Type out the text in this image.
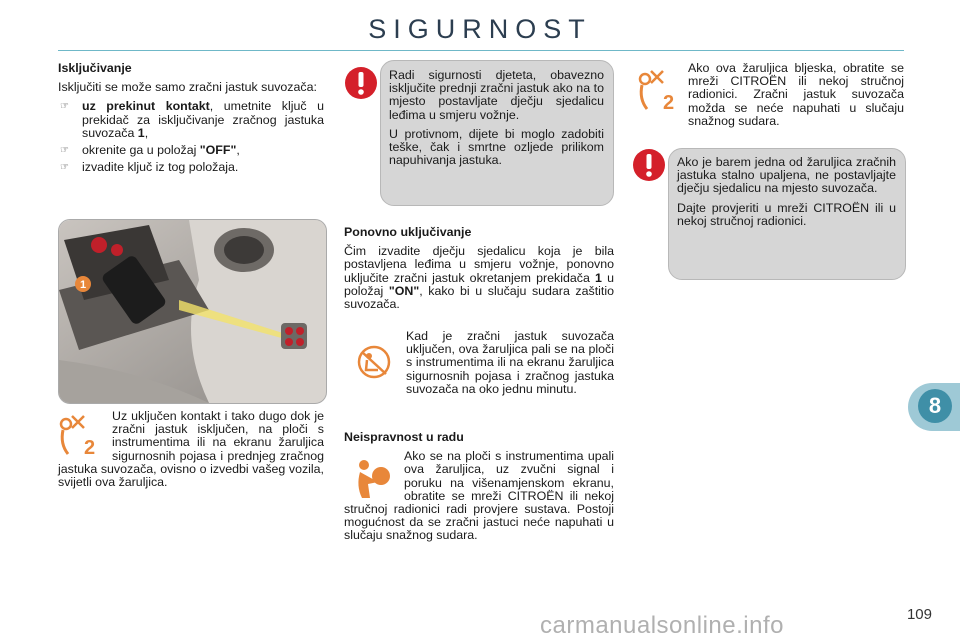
SIGURNOST

Isključivanje

Isključiti se može samo zračni jastuk suvozača:

☞	uz prekinut kontakt, umetnite ključ u prekidač za isključivanje zračnog jastuka suvozača 1,
☞	okrenite ga u položaj "OFF",
☞	izvadite ključ iz tog položaja.
1
2
Uz uključen kontakt i tako dugo dok je zračni jastuk isključen, na ploči s instrumentima ili na ekranu žaruljica sigurnosnih pojasa i prednjeg zračnog jastuka suvozača, ovisno o izvedbi vašeg vozila, svijetli ova žaruljica.

Radi sigurnosti djeteta, obavezno isključite prednji zračni jastuk ako na to mjesto postavljate dječju sjedalicu leđima u smjeru vožnje.

U protivnom, dijete bi moglo zadobiti teške, čak i smrtne ozljede prilikom napuhivanja jastuka.

Ponovno uključivanje

Čim izvadite dječju sjedalicu koja je bila postavljena leđima u smjeru vožnje, ponovno uključite zračni jastuk okretanjem prekidača 1 u položaj "ON", kako bi u slučaju sudara zaštitio suvozača.

Kad je zračni jastuk suvozača uključen, ova žaruljica pali se na ploči s instrumentima ili na ekranu žaruljica sigurnosnih pojasa i zračnog jastuka suvozača na oko jednu minutu.

Neispravnost u radu

Ako se na ploči s instrumentima upali ova žaruljica, uz zvučni signal i poruku na višenamjenskom ekranu, obratite se mreži CITROËN ili nekoj stručnoj radionici radi provjere sustava. Postoji mogućnost da se zračni jastuci neće napuhati u slučaju snažnog sudara.
2
Ako ova žaruljica bljeska, obratite se mreži CITROËN ili nekoj stručnoj radionici. Zračni jastuk suvozača možda se neće napuhati u slučaju snažnog sudara.

Ako je barem jedna od žaruljica zračnih jastuka stalno upaljena, ne postavljajte dječju sjedalicu na mjesto suvozača.

Dajte provjeriti u mreži CITROËN ili u nekoj stručnoj radionici.

8
109
carmanualsonline.info
